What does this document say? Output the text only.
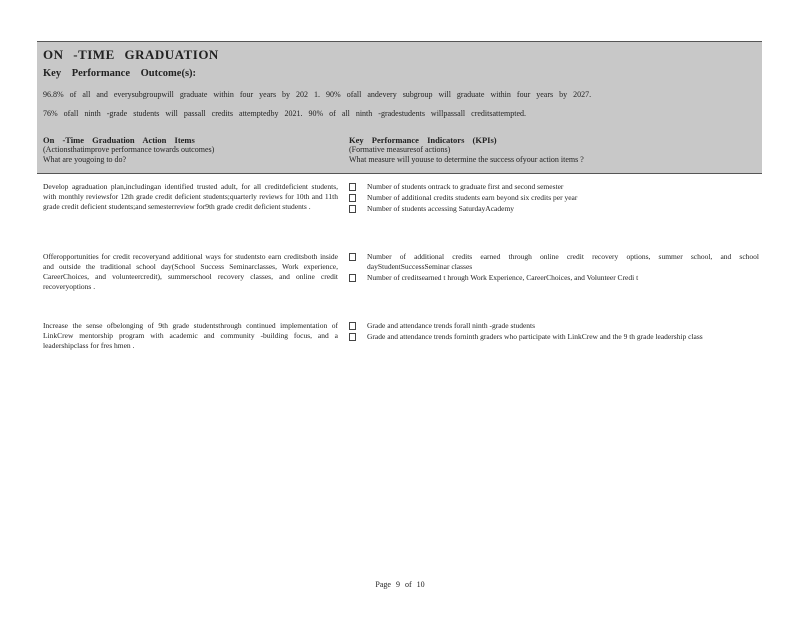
ON -TIME GRADUATION
Key Performance Outcome(s):
96.8% of all and everysubgroupwill graduate within four years by 202 1. 90% ofall andevery subgroup will graduate within four years by 2027.
76% ofall ninth -grade students will passall credits attemptedby 2021. 90% of all ninth -gradestudents willpassall creditsattempted.
On -Time Graduation Action Items
(Actionsthatimprove performance towards outcomes)
What are yougoing to do?
Key Performance Indicators (KPIs)
(Formative measuresof actions)
What measure will youuse to determine the success ofyour action items ?
Develop agraduation plan,includingan identified trusted adult, for all creditdeficient students, with monthly reviewsfor 12th grade credit deficient students;quarterly reviews for 10th and 11th grade credit deficient students;and semesterreview for9th grade credit deficient students .
Number of students ontrack to graduate first and second semester
Number of additional credits students earn beyond six credits per year
Number of students accessing SaturdayAcademy
Offeropportunities for credit recoveryand additional ways for studentsto earn creditsboth inside and outside the traditional school day(School Success Seminarclasses, Work experience, CareerChoices, and volunteercredit), summerschool recovery classes, and online credit recoveryoptions .
Number of additional credits earned through online credit recovery options, summer school, and school dayStudentSuccessSeminar classes
Number of creditsearned t hrough Work Experience, CareerChoices, and Volunteer Credi t
Increase the sense ofbelonging of 9th grade studentsthrough continued implementation of LinkCrew mentorship program with academic and community -building focus, and a leadershipclass for fres hmen .
Grade and attendance trends forall ninth -grade students
Grade and attendance trends forninth graders who participate with LinkCrew and the 9 th grade leadership class
Page 9 of 10
